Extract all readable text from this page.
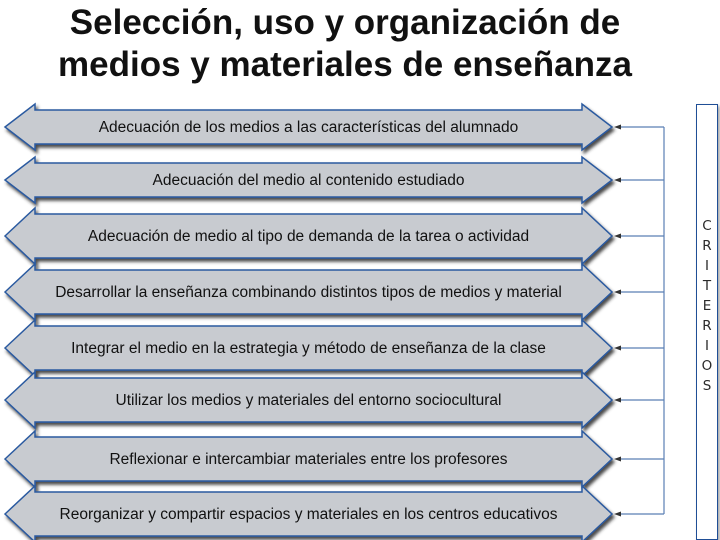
Selección, uso y organización de
medios y materiales de enseñanza
Adecuación de los medios a las características del alumnado
Adecuación del medio al contenido estudiado
Adecuación de medio al tipo de demanda de la tarea o actividad
Desarrollar la enseñanza combinando distintos tipos de medios y material
Integrar el medio en la estrategia y método de enseñanza de la clase
Utilizar los medios y materiales del entorno sociocultural
Reflexionar e intercambiar materiales entre los profesores
Reorganizar y compartir espacios y materiales en los centros educativos
C
R
I
T
E
R
I
O
S
